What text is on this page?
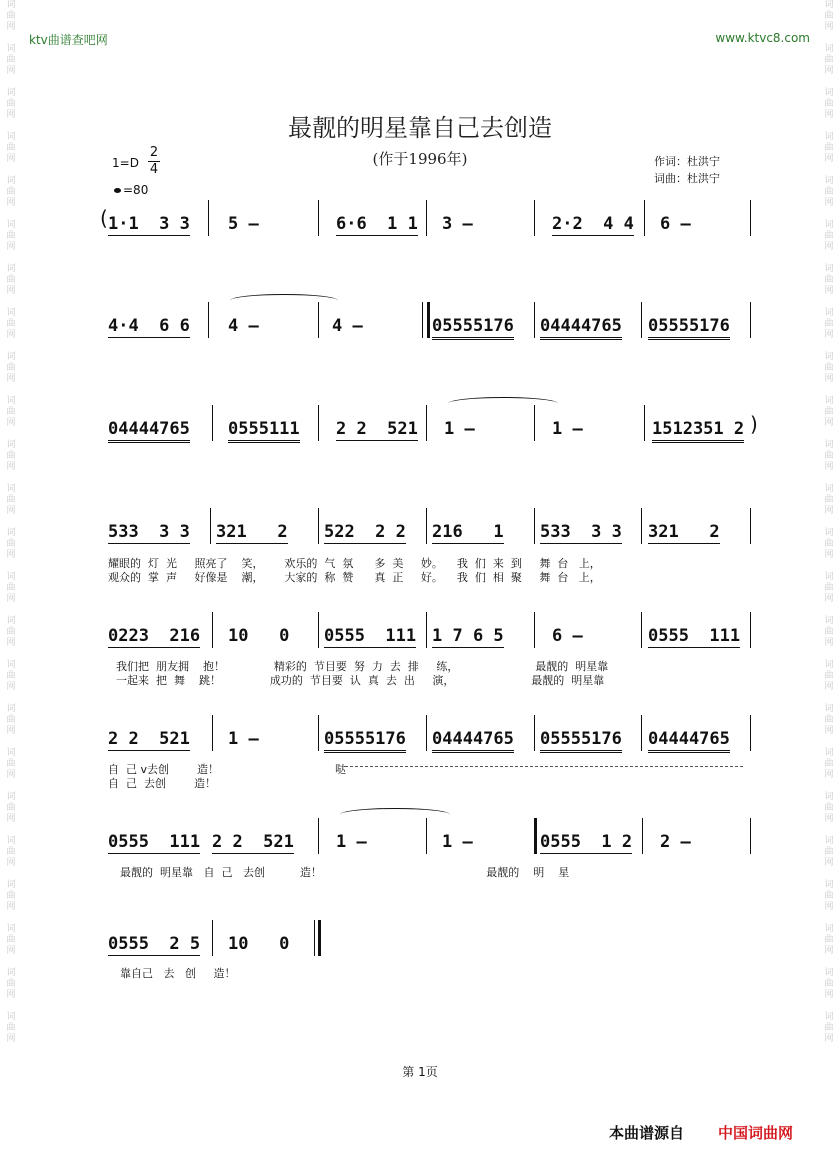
词
曲
网

词
曲
网

词
曲
网

词
曲
网

词
曲
网

词
曲
网

词
曲
网

词
曲
网

词
曲
网

词
曲
网

词
曲
网

词
曲
网

词
曲
网

词
曲
网

词
曲
网

词
曲
网

词
曲
网

词
曲
网

词
曲
网

词
曲
网

词
曲
网

词
曲
网

词
曲
网

词
曲
网
词
曲
网

词
曲
网

词
曲
网

词
曲
网

词
曲
网

词
曲
网

词
曲
网

词
曲
网

词
曲
网

词
曲
网

词
曲
网

词
曲
网

词
曲
网

词
曲
网

词
曲
网

词
曲
网

词
曲
网

词
曲
网

词
曲
网

词
曲
网

词
曲
网

词
曲
网

词
曲
网

词
曲
网
ktv曲谱查吧网	www.ktvc8.com
最靓的明星靠自己去创造
(作于1996年)
1=D
2
4
=80
作词：杜洪宁
词曲：杜洪宁
(
)
1·1  3 3 5 –	6·6  1 1 3 –	2·2  4 4 6 –
4·4  6 6 4 –	4 –	05555176 04444765 05555176
04444765 0555111 2 2  521 1 –	1 –	1512351 2
533  3 3 321   2 522  2 2 216   1 533  3 3 321   2
耀眼的  灯  光     照亮了    笑，      欢乐的  气  氛      多  美     妙。    我  们  来  到     舞  台   上，
观众的  掌  声     好像是    潮，      大家的  称  赞      真  正     好。    我  们  相  聚     舞  台   上，
0223  216 10   0 0555  111 1 7 6 5	6 –	0555  111
我们把  朋友拥    抱！              精彩的  节目要  努  力  去  排     练，                      最靓的  明星靠
一起来  把  舞    跳！              成功的  节目要  认  真  去  出     演，                      最靓的  明星靠
2 2  521 1 –	05555176 04444765 05555176 04444765
自  己 v去创        造！
自  己  去创        造！
哒
0555  111 2 2  521 1 –	1 –	0555  1 2 2 –
最靓的  明星靠   自  己   去创          造！                                               最靓的    明    星
0555  2 5 10   0
靠自己   去   创     造！
第 1页
本曲谱源自 中国词曲网
